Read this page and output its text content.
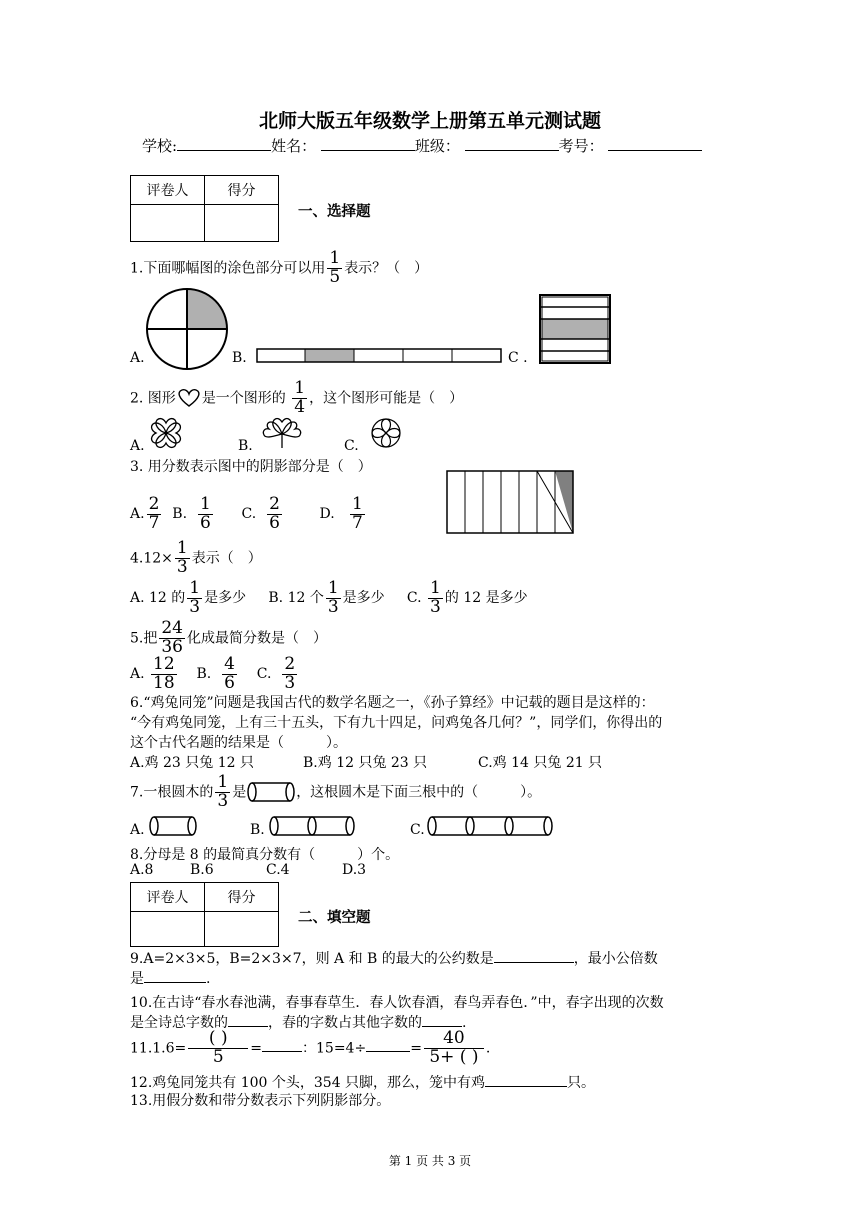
北师大版五年级数学上册第五单元测试题
学校:	姓名：	班级：	考号：
评卷人	得分

一、选择题
1.下面哪幅图的涂色部分可以用 $\frac{1}{5}$ 表示？（　）
A.	B.	C .
2. 图形 是一个图形的 $\frac{1}{4}$ ，这个图形可能是（　）
A.	B.	C.
3. 用分数表示图中的阴影部分是（　）
A. $\frac{2}{7} B$. $\frac{1}{6} C$. $\frac{2}{6}$	D. $\frac{1}{7}$
$4.12\times \frac{1}{3}$ 表示（　）
A. 12 的 $\frac{1}{3}$ 是多少 B. 12 个 $\frac{1}{3}$ 是多少 C. $\frac{1}{3}$ 的 12 是多少
5.把 $\frac{24}{36}$ 化成最简分数是（　）
A. $\frac{12}{18} B$. $\frac{4}{6} C$. $\frac{2}{3}$
6.“鸡兔同笼”问题是我国古代的数学名题之一，《孙子算经》中记载的题目是这样的：
“今有鸡兔同笼，上有三十五头，下有九十四足，问鸡兔各几何？”，同学们，你得出的
这个古代名题的结果是（　　　）。
A.鸡 23 只兔 12 只	B.鸡 12 只兔 23 只	C.鸡 14 只兔 21 只
7.一根圆木的 $\frac{1}{3}$ 是	，这根圆木是下面三根中的（　　　）。
A.	B.	C.
8.分母是 8 的最简真分数有（　　　）个。
A.8	B.6	C.4	D.3
评卷人	得分

二、填空题
9.A=2×3×5，B=2×3×7，则 A 和 B 的最大的公约数是	，最小公倍数
是	.
10.在古诗“春水春池满，春事春草生．春人饮春酒，春鸟弄春色．”中，春字出现的次数
是全诗总字数的	，春的字数占其他字数的	.
$11.1.6= \frac{( )}{5}$ =	：15=4÷	= $\frac{40}{5+ ( )}$ .
12.鸡兔同笼共有 100 个头，354 只脚，那么，笼中有鸡	只。
13.用假分数和带分数表示下列阴影部分。
第 1 页 共 3 页
